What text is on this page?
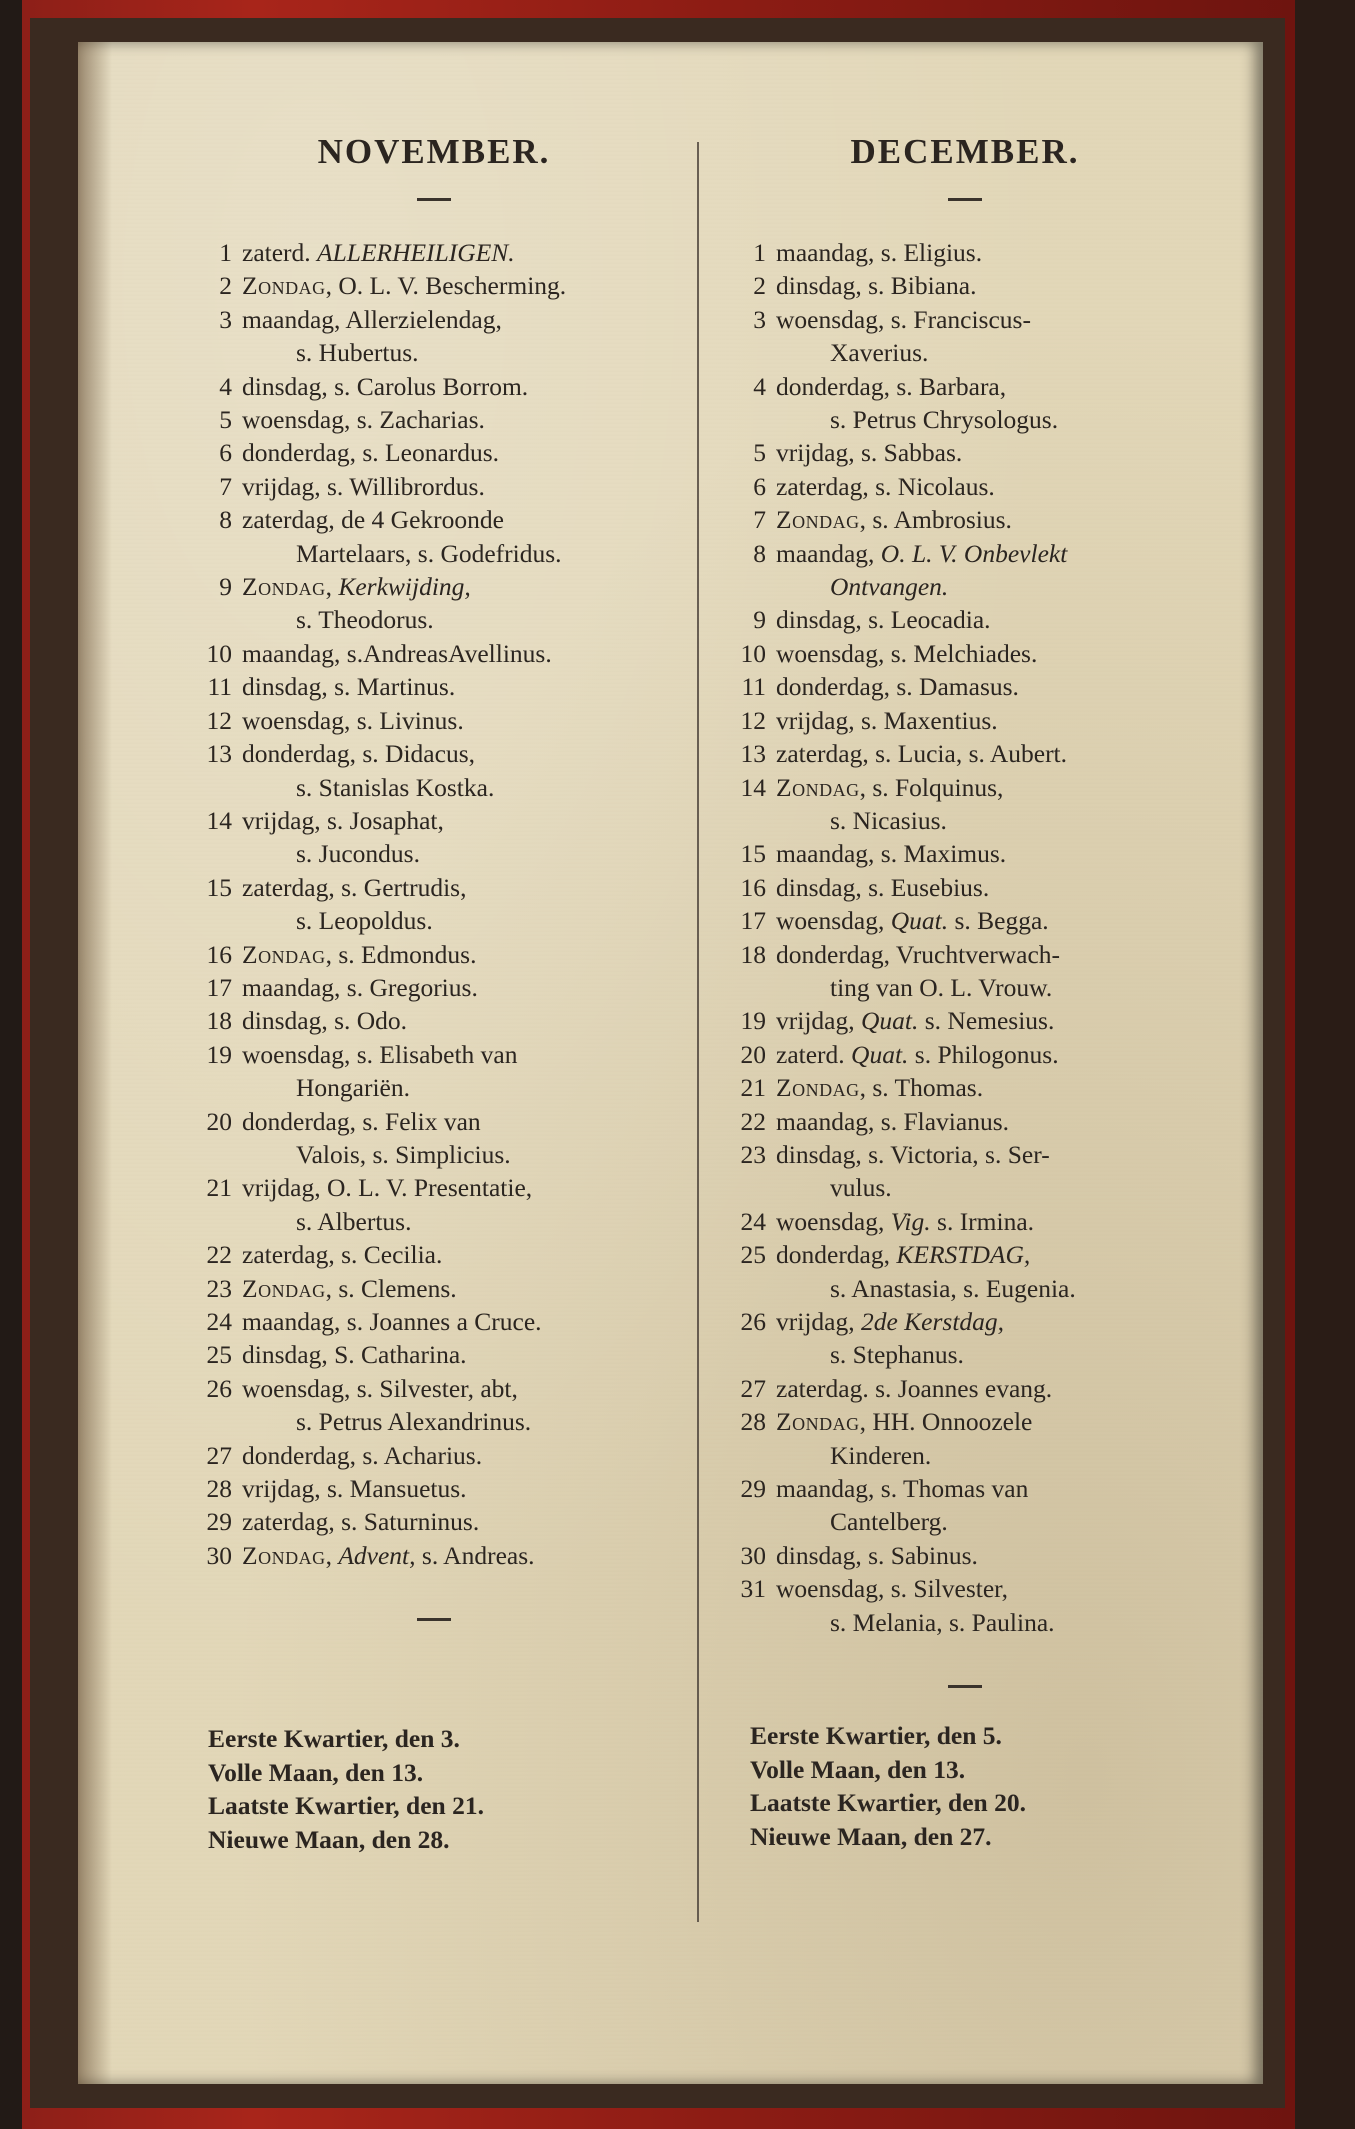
NOVEMBER.
1 zaterd. ALLERHEILIGEN.
2 Zondag, O. L. V. Bescherming.
3 maandag, Allerzielendag,
s. Hubertus.
4 dinsdag, s. Carolus Borrom.
5 woensdag, s. Zacharias.
6 donderdag, s. Leonardus.
7 vrijdag, s. Willibrordus.
8 zaterdag, de 4 Gekroonde
Martelaars, s. Godefridus.
9 Zondag, Kerkwijding,
s. Theodorus.
10 maandag, s.AndreasAvellinus.
11 dinsdag, s. Martinus.
12 woensdag, s. Livinus.
13 donderdag, s. Didacus,
s. Stanislas Kostka.
14 vrijdag, s. Josaphat,
s. Jucondus.
15 zaterdag, s. Gertrudis,
s. Leopoldus.
16 Zondag, s. Edmondus.
17 maandag, s. Gregorius.
18 dinsdag, s. Odo.
19 woensdag, s. Elisabeth van
Hongariën.
20 donderdag, s. Felix van
Valois, s. Simplicius.
21 vrijdag, O. L. V. Presentatie,
s. Albertus.
22 zaterdag, s. Cecilia.
23 Zondag, s. Clemens.
24 maandag, s. Joannes a Cruce.
25 dinsdag, S. Catharina.
26 woensdag, s. Silvester, abt,
s. Petrus Alexandrinus.
27 donderdag, s. Acharius.
28 vrijdag, s. Mansuetus.
29 zaterdag, s. Saturninus.
30 Zondag, Advent, s. Andreas.
Eerste Kwartier, den 3.
Volle Maan, den 13.
Laatste Kwartier, den 21.
Nieuwe Maan, den 28.
DECEMBER.
1 maandag, s. Eligius.
2 dinsdag, s. Bibiana.
3 woensdag, s. Franciscus-
Xaverius.
4 donderdag, s. Barbara,
s. Petrus Chrysologus.
5 vrijdag, s. Sabbas.
6 zaterdag, s. Nicolaus.
7 Zondag, s. Ambrosius.
8 maandag, O. L. V. Onbevlekt
Ontvangen.
9 dinsdag, s. Leocadia.
10 woensdag, s. Melchiades.
11 donderdag, s. Damasus.
12 vrijdag, s. Maxentius.
13 zaterdag, s. Lucia, s. Aubert.
14 Zondag, s. Folquinus,
s. Nicasius.
15 maandag, s. Maximus.
16 dinsdag, s. Eusebius.
17 woensdag, Quat. s. Begga.
18 donderdag, Vruchtverwach-
ting van O. L. Vrouw.
19 vrijdag, Quat. s. Nemesius.
20 zaterd. Quat. s. Philogonus.
21 Zondag, s. Thomas.
22 maandag, s. Flavianus.
23 dinsdag, s. Victoria, s. Ser-
vulus.
24 woensdag, Vig. s. Irmina.
25 donderdag, KERSTDAG,
s. Anastasia, s. Eugenia.
26 vrijdag, 2de Kerstdag,
s. Stephanus.
27 zaterdag. s. Joannes evang.
28 Zondag, HH. Onnoozele
Kinderen.
29 maandag, s. Thomas van
Cantelberg.
30 dinsdag, s. Sabinus.
31 woensdag, s. Silvester,
s. Melania, s. Paulina.
Eerste Kwartier, den 5.
Volle Maan, den 13.
Laatste Kwartier, den 20.
Nieuwe Maan, den 27.
